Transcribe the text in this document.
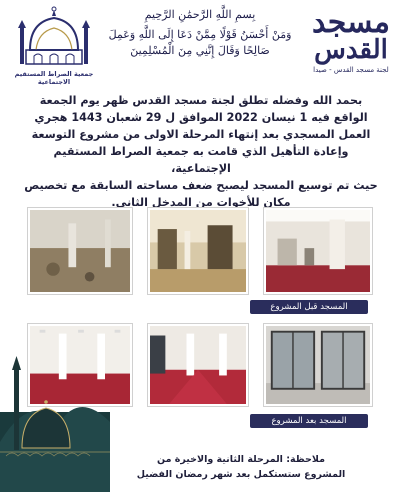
جمعية الصراط المستقيم الاجتماعية
بِسمِ اللَّهِ الرَّحمَٰنِ الرَّحِيمِ
وَمَنْ أَحْسَنُ قَوْلًا مِمَّنْ دَعَا إِلَى اللَّهِ وَعَمِلَ
صَالِحًا وَقَالَ إِنَّنِي مِنَ الْمُسْلِمِينَ
مسجد
القدس
لجنة مسجد القدس - صيدا
بحمد الله وفضله تطلق لجنة مسجد القدس ظهر يوم الجمعة
الواقع فيه 1 نيسان 2022 الموافق ل 29 شعبان 1443 هجري
العمل المسجدي بعد إنتهاء المرحلة الاولى من مشروع التوسعة
وإعادة التأهيل الذي قامت به جمعية الصراط المستقيم الإجتماعية،
حيث تم توسيع المسجد ليصبح ضعف مساحته السابقة مع تخصيص
مكان للأخوات من المدخل الثاني.
المسجد قبل المشروع
المسجد بعد المشروع
ملاحظة: المرحلة الثانية والاخيرة من
المشروع ستستكمل بعد شهر رمضان الفضيل
